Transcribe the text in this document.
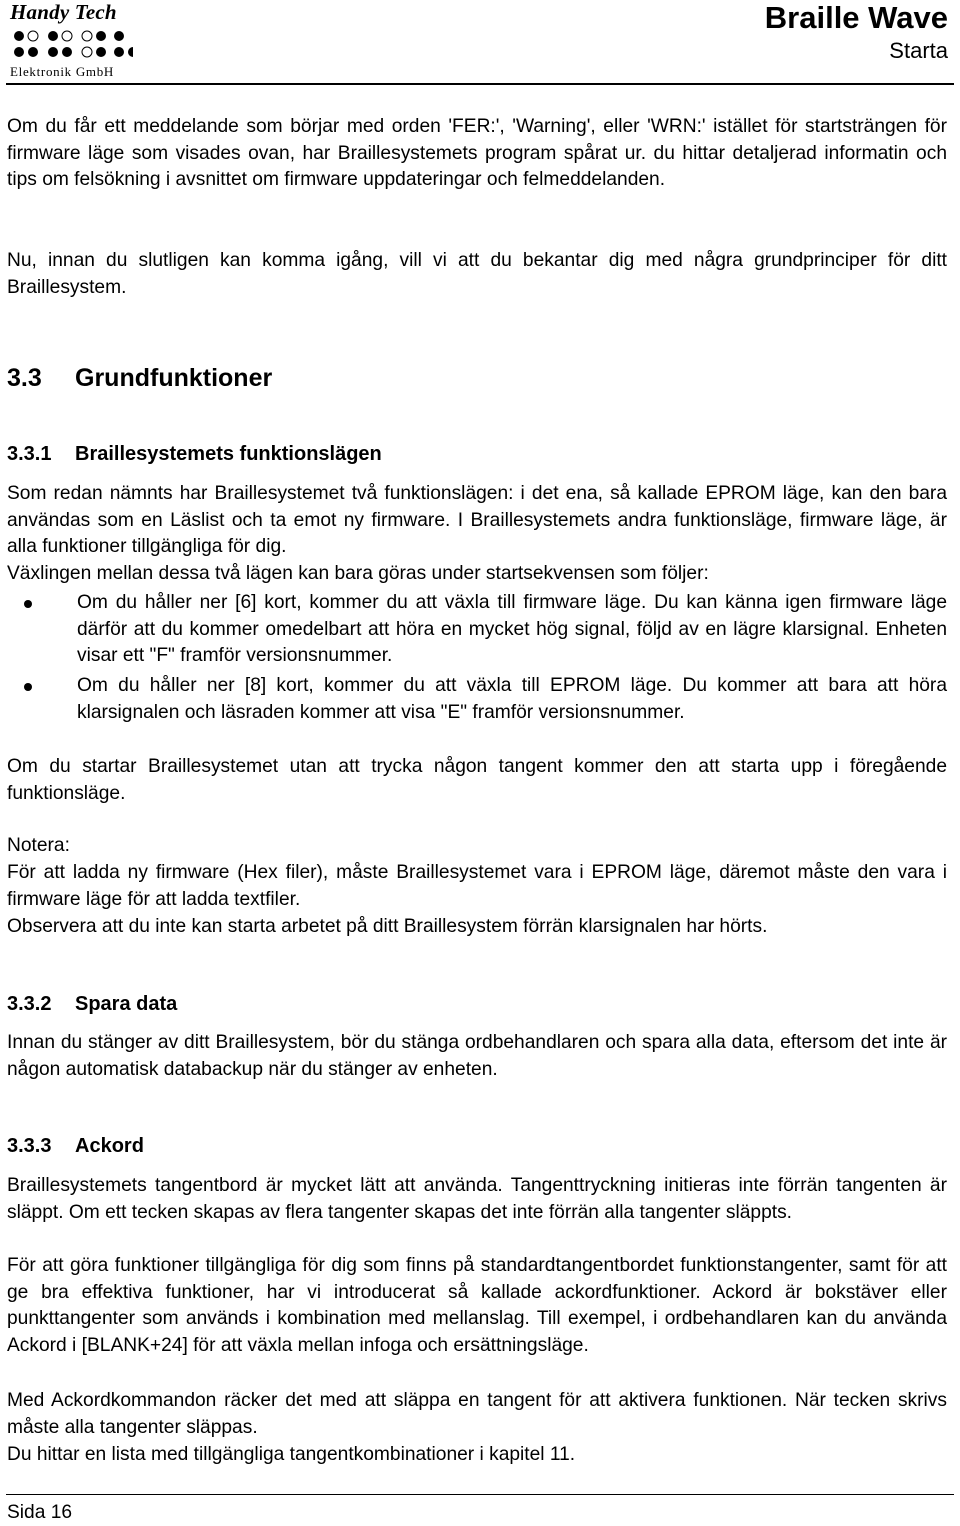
Handy Tech
Elektronik GmbH
Braille Wave
Starta

Om du får ett meddelande som börjar med orden 'FER:', 'Warning', eller 'WRN:' istället för startsträngen för firmware läge som visades ovan, har Braillesystemets program spårat ur. du hittar detaljerad informatin och tips om felsökning i avsnittet om firmware uppdateringar och felmeddelanden.

Nu, innan du slutligen kan komma igång, vill vi att du bekantar dig med några grundprinciper för ditt Braillesystem.

3.3 Grundfunktioner
3.3.1 Braillesystemets funktionslägen

Som redan nämnts har Braillesystemet två funktionslägen: i det ena, så kallade EPROM läge, kan den bara användas som en Läslist och ta emot ny firmware. I Braillesystemets andra funktionsläge, firmware läge, är alla funktioner tillgängliga för dig.

Växlingen mellan dessa två lägen kan bara göras under startsekvensen som följer:

Om du håller ner [6] kort, kommer du att växla till firmware läge. Du kan känna igen firmware läge därför att du kommer omedelbart att höra en mycket hög signal, följd av en lägre klarsignal. Enheten visar ett "F" framför versionsnummer.

Om du håller ner [8] kort, kommer du att växla till EPROM läge. Du kommer att bara att höra klarsignalen och läsraden kommer att visa "E" framför versionsnummer.

Om du startar Braillesystemet utan att trycka någon tangent kommer den att starta upp i föregående funktionsläge.

Notera:

För att ladda ny firmware (Hex filer), måste Braillesystemet vara i EPROM läge, däremot måste den vara i firmware läge för att ladda textfiler.

Observera att du inte kan starta arbetet på ditt Braillesystem förrän klarsignalen har hörts.

3.3.2 Spara data

Innan du stänger av ditt Braillesystem, bör du stänga ordbehandlaren och spara alla data, eftersom det inte är någon automatisk databackup när du stänger av enheten.

3.3.3 Ackord

Braillesystemets tangentbord är mycket lätt att använda. Tangenttryckning initieras inte förrän tangenten är släppt. Om ett tecken skapas av flera tangenter skapas det inte förrän alla tangenter släppts.

För att göra funktioner tillgängliga för dig som finns på standardtangentbordet funktionstangenter, samt för att ge bra effektiva funktioner, har vi introducerat så kallade ackordfunktioner. Ackord är bokstäver eller punkttangenter som används i kombination med mellanslag. Till exempel, i ordbehandlaren kan du använda Ackord i [BLANK+24] för att växla mellan infoga och ersättningsläge.

Med Ackordkommandon räcker det med att släppa en tangent för att aktivera funktionen. När tecken skrivs måste alla tangenter släppas.

Du hittar en lista med tillgängliga tangentkombinationer i kapitel 11.

Sida 16
